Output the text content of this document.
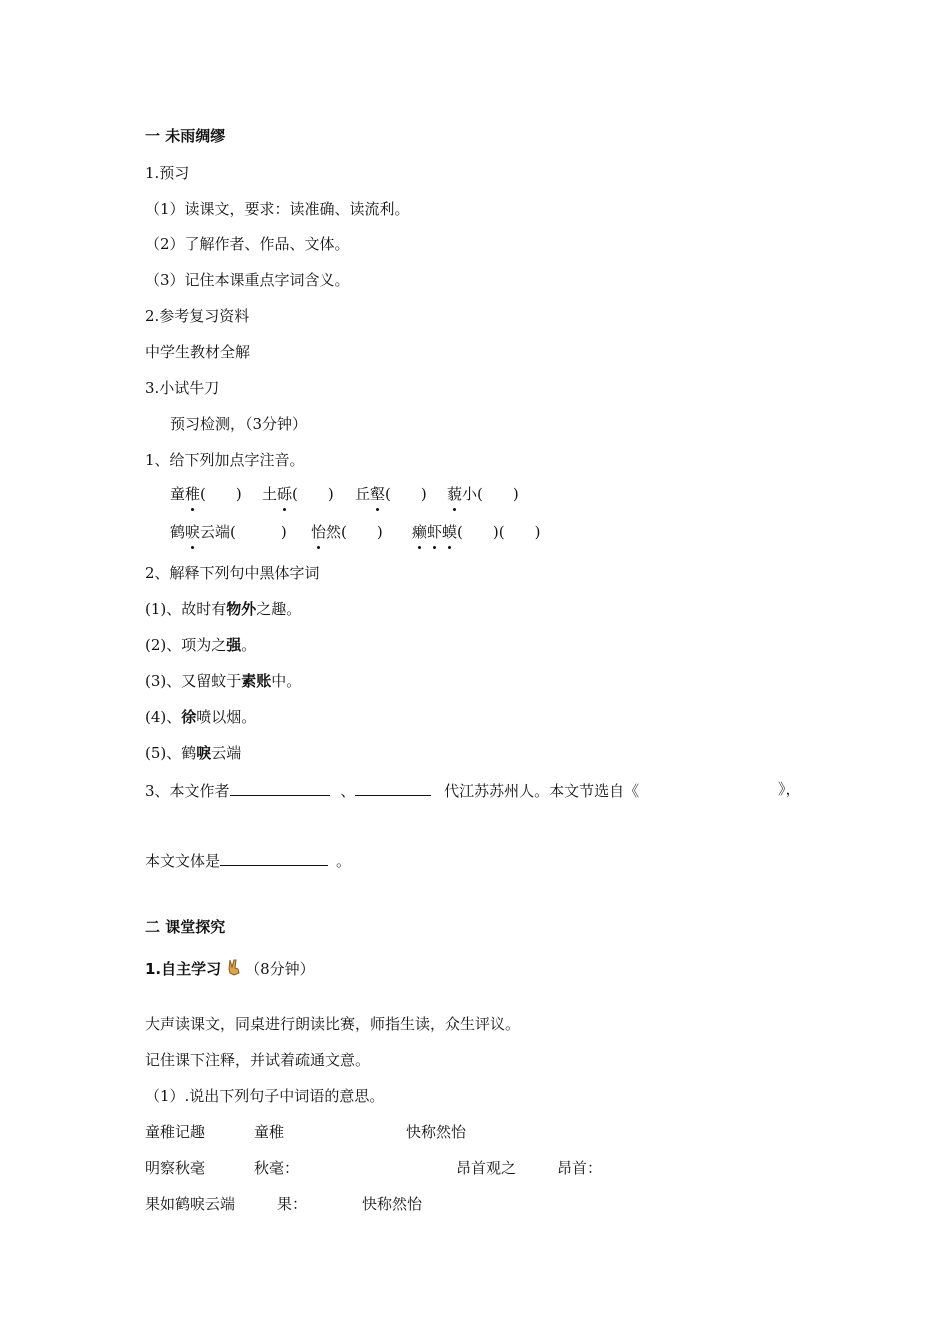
一 未雨绸缪
1.预习
（1）读课文，要求：读准确、读流利。
（2）了解作者、作品、文体。
（3）记住本课重点字词含义。
2.参考复习资料
中学生教材全解
3.小试牛刀
预习检测，（3分钟）
1、给下列加点字注音。
童稚(　　) 土砾(　　) 丘壑(　　) 藐小(　　)
鹤唳云端(　　　) 怡然(　　) 癞虾蟆(　　)(　　)
2、解释下列句中黑体字词
(1)、故时有物外之趣。
(2)、项为之强。
(3)、又留蚊于素账中。
(4)、徐喷以烟。
(5)、鹤唳云端
3、本文作者	、	代江苏苏州人。本文节选自《	》，
本文文体是	。
二 课堂探究
1.自主学习 （8分钟）
大声读课文，同桌进行朗读比赛，师指生读，众生评议。
记住课下注释，并试着疏通文意。
（1）.说出下列句子中词语的意思。
童稚记趣	童稚	快称然怡
明察秋毫	秋毫：	昂首观之	昂首：
果如鹤唳云端	果：	快称然怡
